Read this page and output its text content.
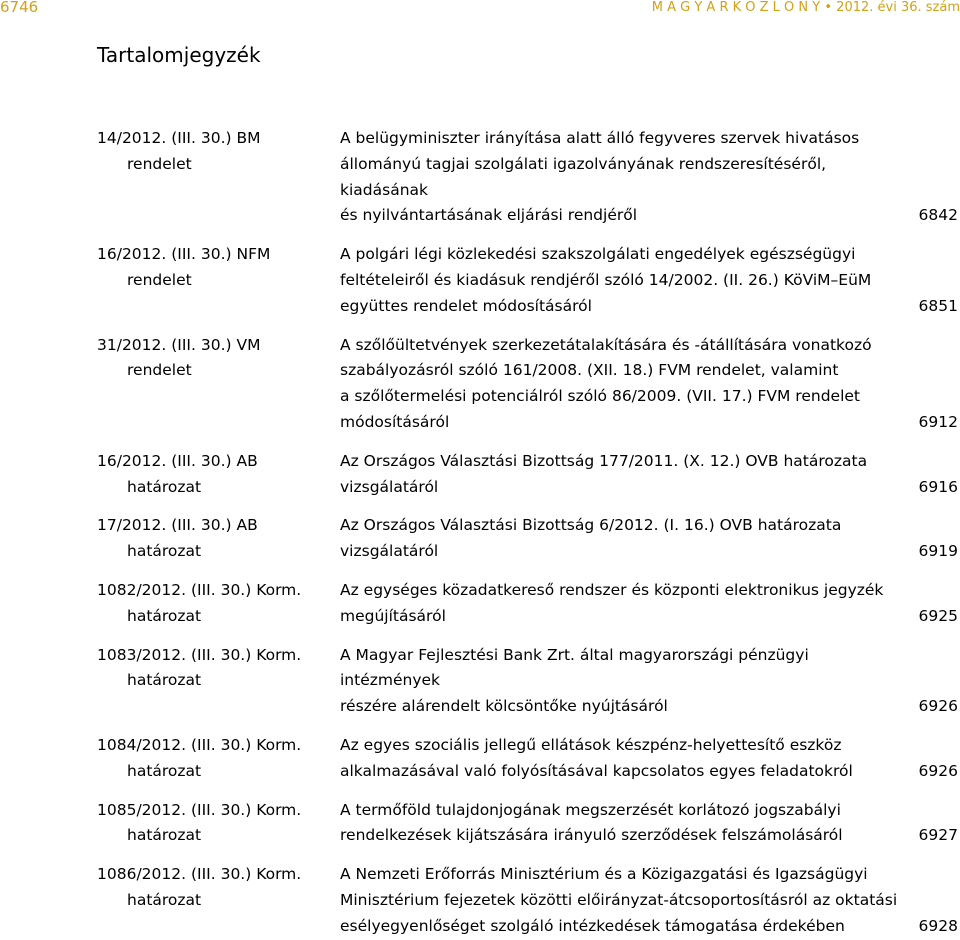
6746	M A G Y A R K Ö Z L Ö N Y • 2012. évi 36. szám
Tartalomjegyzék
14/2012. (III. 30.) BM
rendelet
A belügyminiszter irányítása alatt álló fegyveres szervek hivatásos
állományú tagjai szolgálati igazolványának rendszeresítéséről, kiadásának
és nyilvántartásának eljárási rendjéről	6842
16/2012. (III. 30.) NFM
rendelet
A polgári légi közlekedési szakszolgálati engedélyek egészségügyi
feltételeiről és kiadásuk rendjéről szóló 14/2002. (II. 26.) KöViM–EüM
együttes rendelet módosításáról	6851
31/2012. (III. 30.) VM
rendelet
A szőlőültetvények szerkezetátalakítására és -átállítására vonatkozó
szabályozásról szóló 161/2008. (XII. 18.) FVM rendelet, valamint
a szőlőtermelési potenciálról szóló 86/2009. (VII. 17.) FVM rendelet
módosításáról	6912
16/2012. (III. 30.) AB
határozat
Az Országos Választási Bizottság 177/2011. (X. 12.) OVB határozata
vizsgálatáról	6916
17/2012. (III. 30.) AB
határozat
Az Országos Választási Bizottság 6/2012. (I. 16.) OVB határozata
vizsgálatáról	6919
1082/2012. (III. 30.) Korm.
határozat
Az egységes közadatkereső rendszer és központi elektronikus jegyzék
megújításáról	6925
1083/2012. (III. 30.) Korm.
határozat
A Magyar Fejlesztési Bank Zrt. által magyarországi pénzügyi intézmények
részére alárendelt kölcsöntőke nyújtásáról	6926
1084/2012. (III. 30.) Korm.
határozat
Az egyes szociális jellegű ellátások készpénz-helyettesítő eszköz
alkalmazásával való folyósításával kapcsolatos egyes feladatokról	6926
1085/2012. (III. 30.) Korm.
határozat
A termőföld tulajdonjogának megszerzését korlátozó jogszabályi
rendelkezések kijátszására irányuló szerződések felszámolásáról	6927
1086/2012. (III. 30.) Korm.
határozat
A Nemzeti Erőforrás Minisztérium és a Közigazgatási és Igazságügyi
Minisztérium fejezetek közötti előirányzat-átcsoportosításról az oktatási
esélyegyenlőséget szolgáló intézkedések támogatása érdekében	6928
